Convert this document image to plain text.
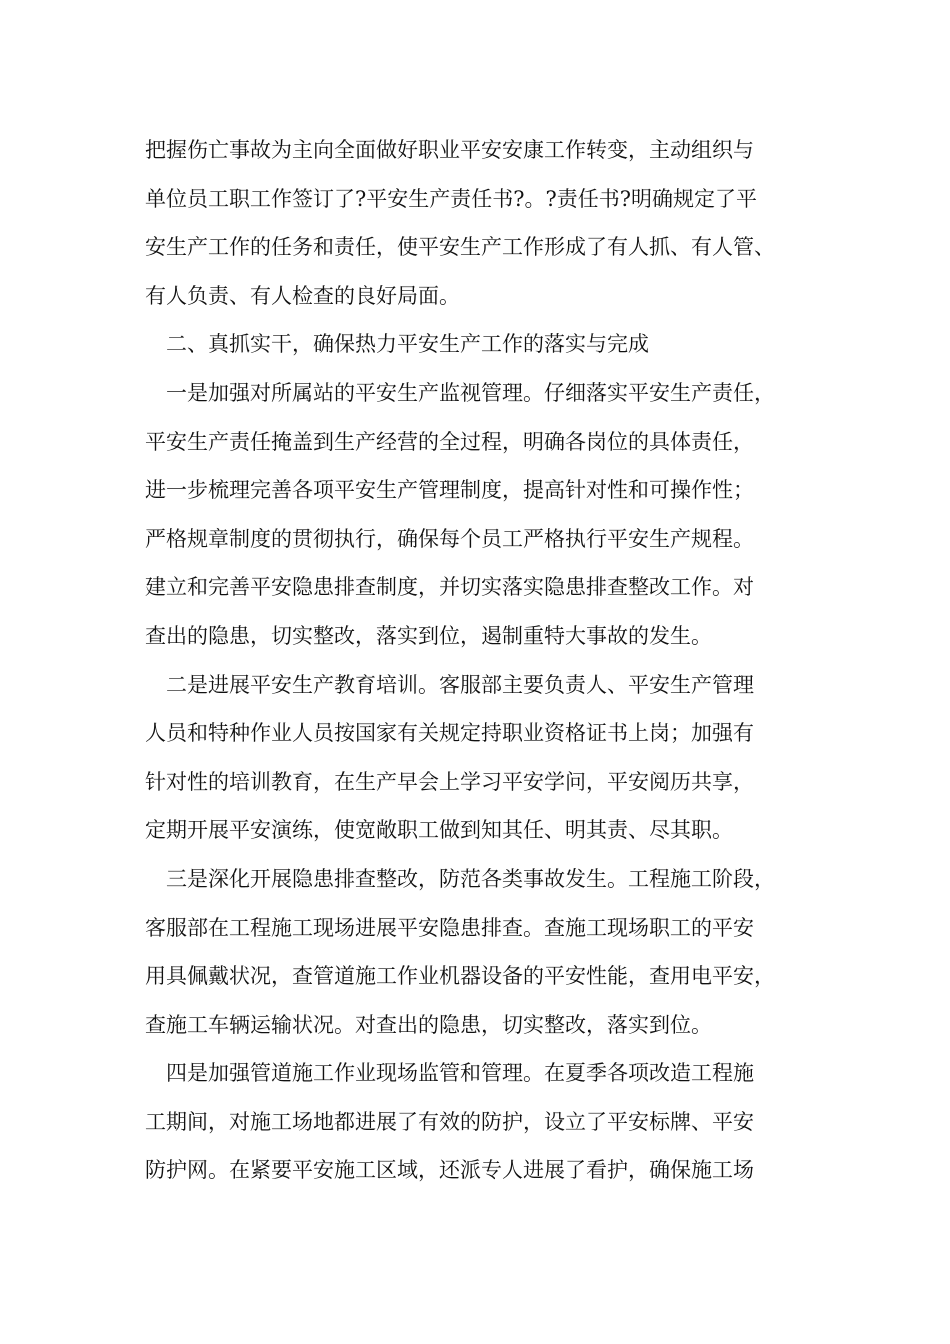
把握伤亡事故为主向全面做好职业平安安康工作转变，主动组织与
单位员工职工作签订了?平安生产责任书?。?责任书?明确规定了平
安生产工作的任务和责任，使平安生产工作形成了有人抓、有人管、
有人负责、有人检查的良好局面。
二、真抓实干，确保热力平安生产工作的落实与完成
一是加强对所属站的平安生产监视管理。仔细落实平安生产责任，
平安生产责任掩盖到生产经营的全过程，明确各岗位的具体责任，
进一步梳理完善各项平安生产管理制度，提高针对性和可操作性；
严格规章制度的贯彻执行，确保每个员工严格执行平安生产规程。
建立和完善平安隐患排查制度，并切实落实隐患排查整改工作。对
查出的隐患，切实整改，落实到位，遏制重特大事故的发生。
二是进展平安生产教育培训。客服部主要负责人、平安生产管理
人员和特种作业人员按国家有关规定持职业资格证书上岗；加强有
针对性的培训教育，在生产早会上学习平安学问，平安阅历共享，
定期开展平安演练，使宽敞职工做到知其任、明其责、尽其职。
三是深化开展隐患排查整改，防范各类事故发生。工程施工阶段，
客服部在工程施工现场进展平安隐患排查。查施工现场职工的平安
用具佩戴状况，查管道施工作业机器设备的平安性能，查用电平安，
查施工车辆运输状况。对查出的隐患，切实整改，落实到位。
四是加强管道施工作业现场监管和管理。在夏季各项改造工程施
工期间，对施工场地都进展了有效的防护，设立了平安标牌、平安
防护网。在紧要平安施工区域，还派专人进展了看护，确保施工场
